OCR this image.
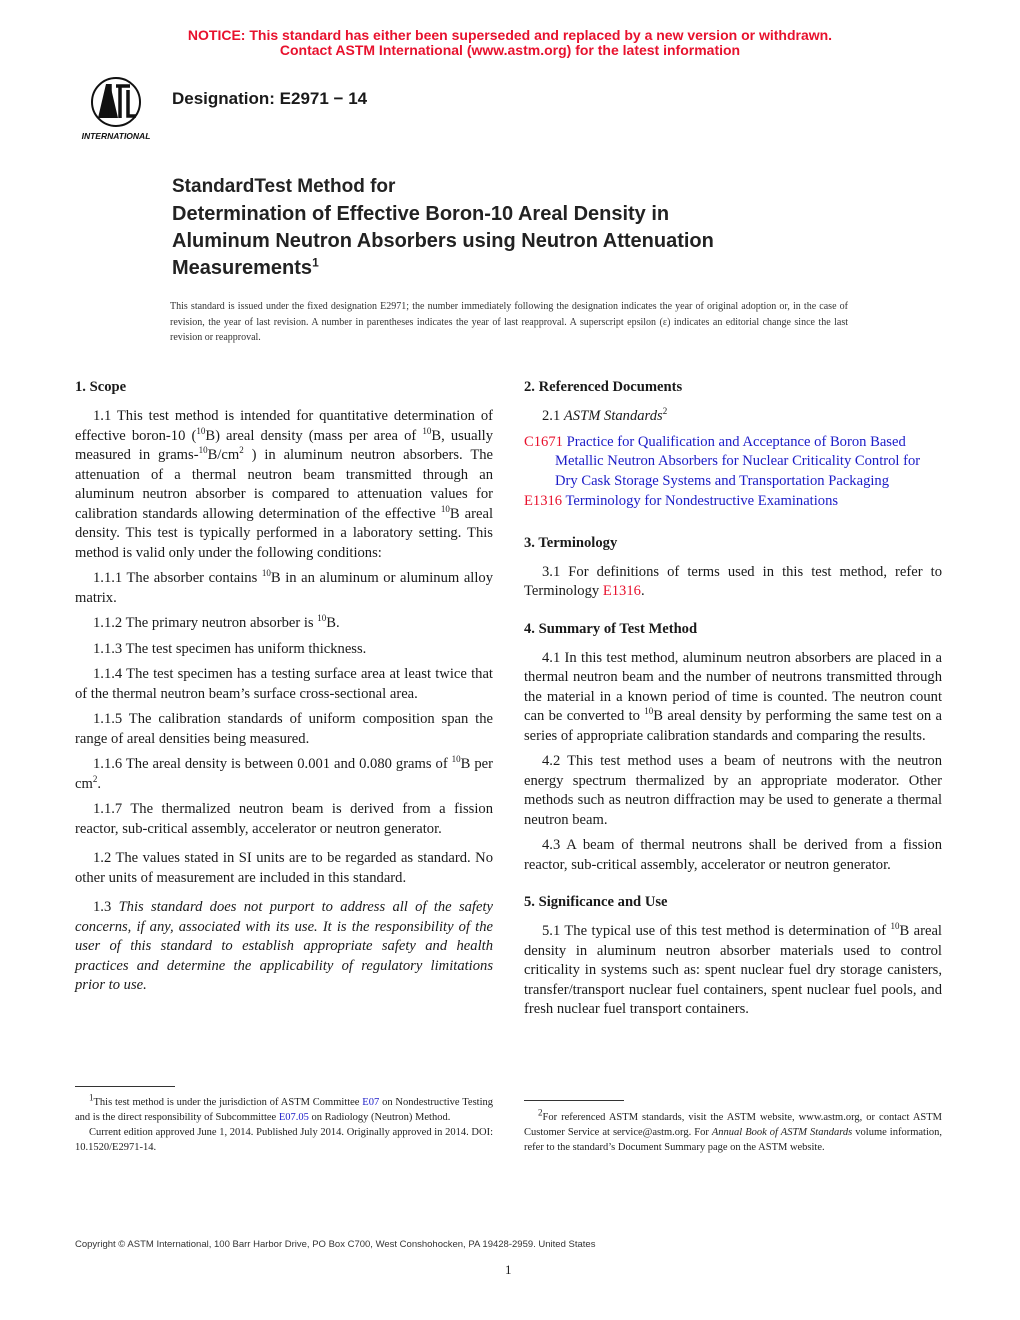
NOTICE: This standard has either been superseded and replaced by a new version or withdrawn.
Contact ASTM International (www.astm.org) for the latest information
INTERNATIONAL
Designation: E2971 − 14
StandardTest Method for
Determination of Effective Boron-10 Areal Density in
Aluminum Neutron Absorbers using Neutron Attenuation
Measurements$^1$
This standard is issued under the fixed designation E2971; the number immediately following the designation indicates the year of original adoption or, in the case of revision, the year of last revision. A number in parentheses indicates the year of last reapproval. A superscript epsilon (ε) indicates an editorial change since the last revision or reapproval.
1. Scope

1.1 This test method is intended for quantitative determination of effective boron-10 ($^{10}$B) areal density (mass per area of $^{10}$B, usually measured in grams-$^{10}B/cm^2$ ) in aluminum neutron absorbers. The attenuation of a thermal neutron beam transmitted through an aluminum neutron absorber is compared to attenuation values for calibration standards allowing determination of the effective $^{10}$B areal density. This test is typically performed in a laboratory setting. This method is valid only under the following conditions:

1.1.1 The absorber contains $^{10}$B in an aluminum or aluminum alloy matrix.

1.1.2 The primary neutron absorber is $^{10}$B.

1.1.3 The test specimen has uniform thickness.

1.1.4 The test specimen has a testing surface area at least twice that of the thermal neutron beam’s surface cross-sectional area.

1.1.5 The calibration standards of uniform composition span the range of areal densities being measured.

1.1.6 The areal density is between 0.001 and 0.080 grams of $^{10}$B per $cm^2$.

1.1.7 The thermalized neutron beam is derived from a fission reactor, sub-critical assembly, accelerator or neutron generator.

1.2 The values stated in SI units are to be regarded as standard. No other units of measurement are included in this standard.

1.3 This standard does not purport to address all of the safety concerns, if any, associated with its use. It is the responsibility of the user of this standard to establish appropriate safety and health practices and determine the applicability of regulatory limitations prior to use.

2. Referenced Documents

2.1 ASTM Standards$^2$

C1671 Practice for Qualification and Acceptance of Boron Based Metallic Neutron Absorbers for Nuclear Criticality Control for Dry Cask Storage Systems and Transportation Packaging

E1316 Terminology for Nondestructive Examinations

3. Terminology

3.1 For definitions of terms used in this test method, refer to Terminology E1316.

4. Summary of Test Method

4.1 In this test method, aluminum neutron absorbers are placed in a thermal neutron beam and the number of neutrons transmitted through the material in a known period of time is counted. The neutron count can be converted to $^{10}$B areal density by performing the same test on a series of appropriate calibration standards and comparing the results.

4.2 This test method uses a beam of neutrons with the neutron energy spectrum thermalized by an appropriate moderator. Other methods such as neutron diffraction may be used to generate a thermal neutron beam.

4.3 A beam of thermal neutrons shall be derived from a fission reactor, sub-critical assembly, accelerator or neutron generator.

5. Significance and Use

5.1 The typical use of this test method is determination of $^{10}$B areal density in aluminum neutron absorber materials used to control criticality in systems such as: spent nuclear fuel dry storage canisters, transfer/transport nuclear fuel containers, spent nuclear fuel pools, and fresh nuclear fuel transport containers.

$^1$This test method is under the jurisdiction of ASTM Committee E07 on Nondestructive Testing and is the direct responsibility of Subcommittee E07.05 on Radiology (Neutron) Method.

Current edition approved June 1, 2014. Published July 2014. Originally approved in 2014. DOI: 10.1520/E2971-14.

$^2$For referenced ASTM standards, visit the ASTM website, www.astm.org, or contact ASTM Customer Service at service@astm.org. For Annual Book of ASTM Standards volume information, refer to the standard’s Document Summary page on the ASTM website.

Copyright © ASTM International, 100 Barr Harbor Drive, PO Box C700, West Conshohocken, PA 19428-2959. United States
1
